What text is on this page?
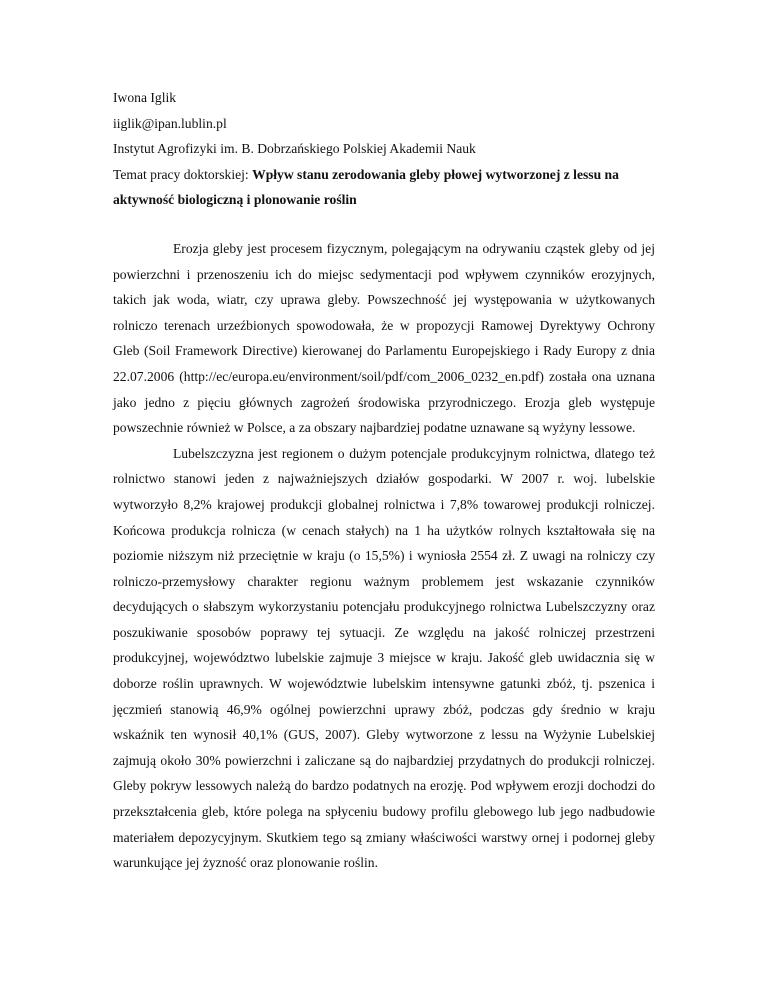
Iwona Iglik
iiglik@ipan.lublin.pl
Instytut Agrofizyki im. B. Dobrzańskiego Polskiej Akademii Nauk
Temat pracy doktorskiej: Wpływ stanu zerodowania gleby płowej wytworzonej z lessu na aktywność biologiczną i plonowanie roślin

Erozja gleby jest procesem fizycznym, polegającym na odrywaniu cząstek gleby od jej powierzchni i przenoszeniu ich do miejsc sedymentacji pod wpływem czynników erozyjnych, takich jak woda, wiatr, czy uprawa gleby. Powszechność jej występowania w użytkowanych rolniczo terenach urzeźbionych spowodowała, że w propozycji Ramowej Dyrektywy Ochrony Gleb (Soil Framework Directive) kierowanej do Parlamentu Europejskiego i Rady Europy z dnia 22.07.2006 (http://ec/europa.eu/environment/soil/pdf/com_2006_0232_en.pdf) została ona uznana jako jedno z pięciu głównych zagrożeń środowiska przyrodniczego. Erozja gleb występuje powszechnie również w Polsce, a za obszary najbardziej podatne uznawane są wyżyny lessowe.

Lubelszczyzna jest regionem o dużym potencjale produkcyjnym rolnictwa, dlatego też rolnictwo stanowi jeden z najważniejszych działów gospodarki. W 2007 r. woj. lubelskie wytworzyło 8,2% krajowej produkcji globalnej rolnictwa i 7,8% towarowej produkcji rolniczej. Końcowa produkcja rolnicza (w cenach stałych) na 1 ha użytków rolnych kształtowała się na poziomie niższym niż przeciętnie w kraju (o 15,5%) i wyniosła 2554 zł. Z uwagi na rolniczy czy rolniczo-przemysłowy charakter regionu ważnym problemem jest wskazanie czynników decydujących o słabszym wykorzystaniu potencjału produkcyjnego rolnictwa Lubelszczyzny oraz poszukiwanie sposobów poprawy tej sytuacji. Ze względu na jakość rolniczej przestrzeni produkcyjnej, województwo lubelskie zajmuje 3 miejsce w kraju. Jakość gleb uwidacznia się w doborze roślin uprawnych. W województwie lubelskim intensywne gatunki zbóż, tj. pszenica i jęczmień stanowią 46,9% ogólnej powierzchni uprawy zbóż, podczas gdy średnio w kraju wskaźnik ten wynosił 40,1% (GUS, 2007). Gleby wytworzone z lessu na Wyżynie Lubelskiej zajmują około 30% powierzchni i zaliczane są do najbardziej przydatnych do produkcji rolniczej. Gleby pokryw lessowych należą do bardzo podatnych na erozję. Pod wpływem erozji dochodzi do przekształcenia gleb, które polega na spłyceniu budowy profilu glebowego lub jego nadbudowie materiałem depozycyjnym. Skutkiem tego są zmiany właściwości warstwy ornej i podornej gleby warunkujące jej żyzność oraz plonowanie roślin.
